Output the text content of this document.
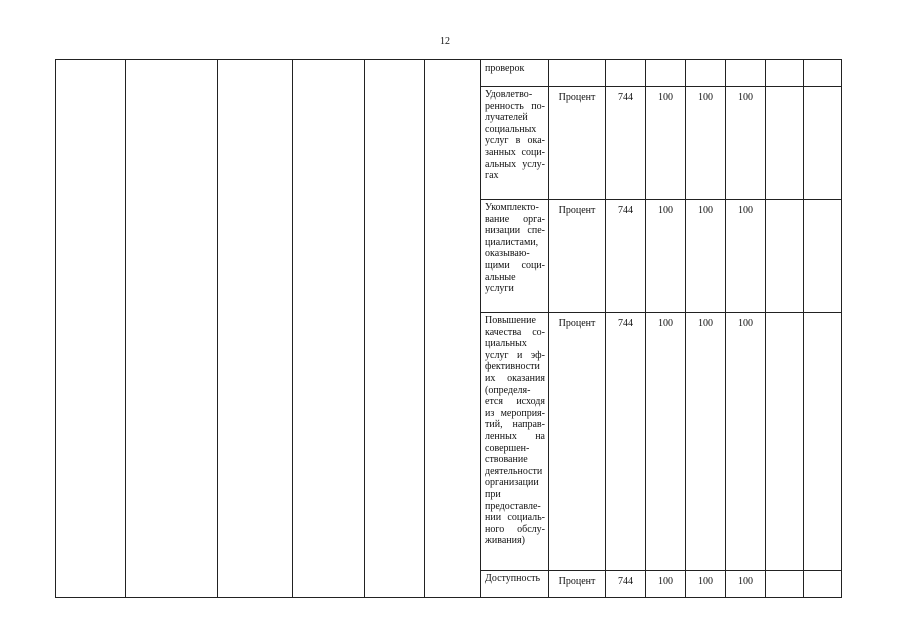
12
						проверок							
						Удовлетворенность получателей социальных услуг в оказанных социальных услугах	Процент	744	100	100	100		
						Укомплектование организации специалистами, оказывающими социальные услуги	Процент	744	100	100	100		
						Повышение качества социальных услуг и эффективности их оказания (определяется исходя из мероприятий, направленных на совершенствование деятельности организации при предоставлении социального обслуживания)	Процент	744	100	100	100		
						Доступность	Процент	744	100	100	100		
